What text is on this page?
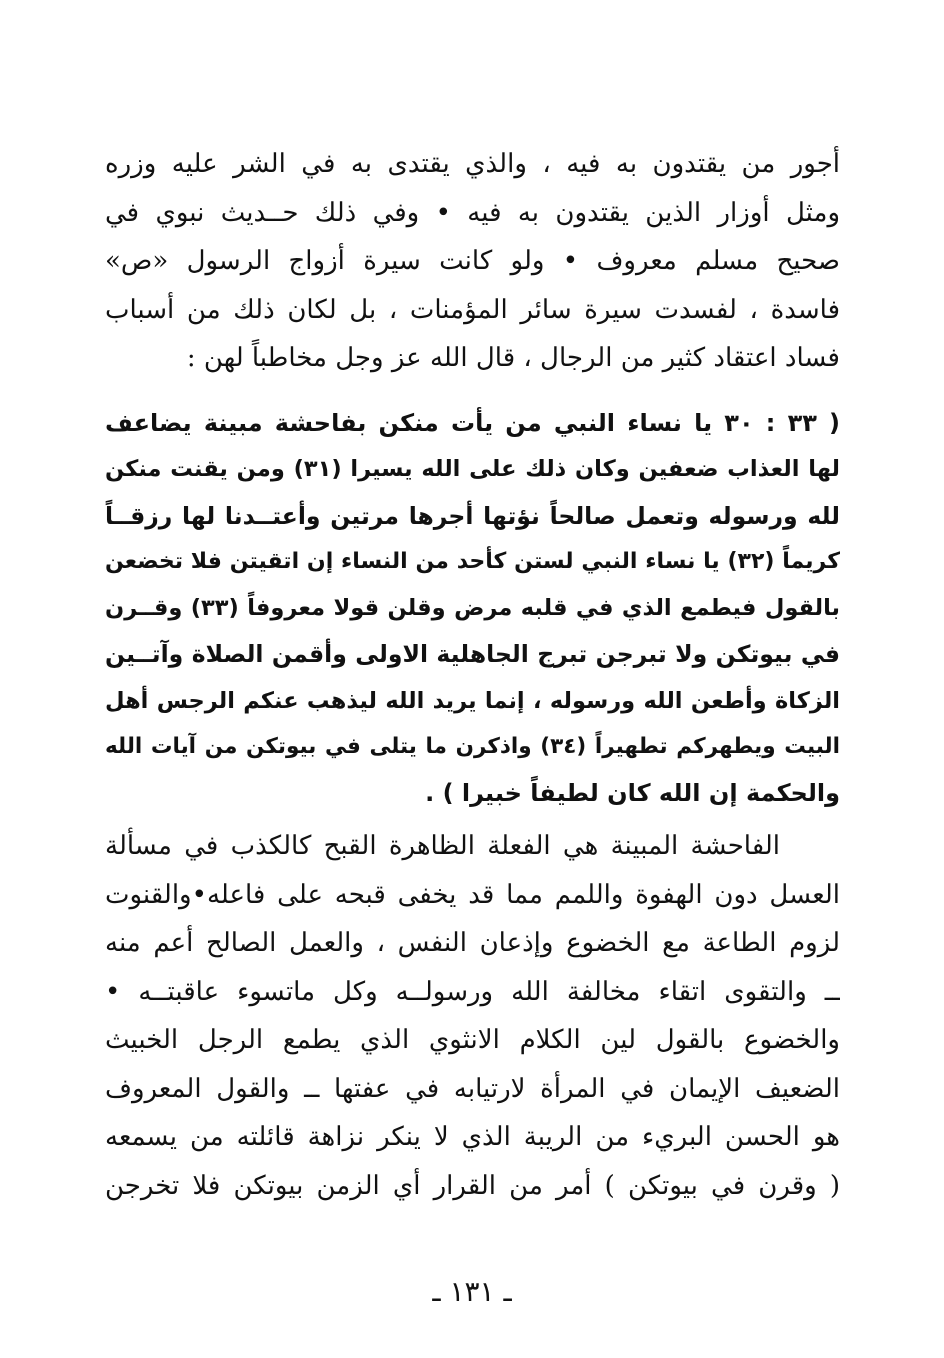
أجور من يقتدون به فيه ، والذي يقتدى به في الشر عليه وزره
ومثل أوزار الذين يقتدون به فيه • وفي ذلك حــديث نبوي في
صحيح مسلم معروف • ولو كانت سيرة أزواج الرسول «ص»
فاسدة ، لفسدت سيرة سائر المؤمنات ، بل لكان ذلك من أسباب
فساد اعتقاد كثير من الرجال ، قال الله عز وجل مخاطباً لهن :
( ٣٣ : ٣٠ يا نساء النبي من يأت منكن بفاحشة مبينة يضاعف
لها العذاب ضعفين وكان ذلك على الله يسيرا (٣١) ومن يقنت منكن
لله ورسوله وتعمل صالحاً نؤتها أجرها مرتين وأعتــدنا لها رزقــاً
كريماً (٣٢) يا نساء النبي لستن كأحد من النساء إن اتقيتن فلا تخضعن
بالقول فيطمع الذي في قلبه مرض وقلن قولا معروفاً (٣٣) وقــرن
في بيوتكن ولا تبرجن تبرج الجاهلية الاولى وأقمن الصلاة وآتــين
الزكاة وأطعن الله ورسوله ، إنما يريد الله ليذهب عنكم الرجس أهل
البيت ويطهركم تطهيراً (٣٤) واذكرن ما يتلى في بيوتكن من آيات الله
والحكمة إن الله كان لطيفاً خبيرا ) .
الفاحشة المبينة هي الفعلة الظاهرة القبح كالكذب في مسألة
العسل دون الهفوة واللمم مما قد يخفى قبحه على فاعله•والقنوت
لزوم الطاعة مع الخضوع وإذعان النفس ، والعمل الصالح أعم منه
ــ والتقوى اتقاء مخالفة الله ورسولــه وكل ماتسوء عاقبتــه •
والخضوع بالقول لين الكلام الانثوي الذي يطمع الرجل الخبيث
الضعيف الإيمان في المرأة لارتيابه في عفتها ــ والقول المعروف
هو الحسن البريء من الريبة الذي لا ينكر نزاهة قائلته من يسمعه
( وقرن في بيوتكن ) أمر من القرار أي الزمن بيوتكن فلا تخرجن
ـ ١٣١ ـ
